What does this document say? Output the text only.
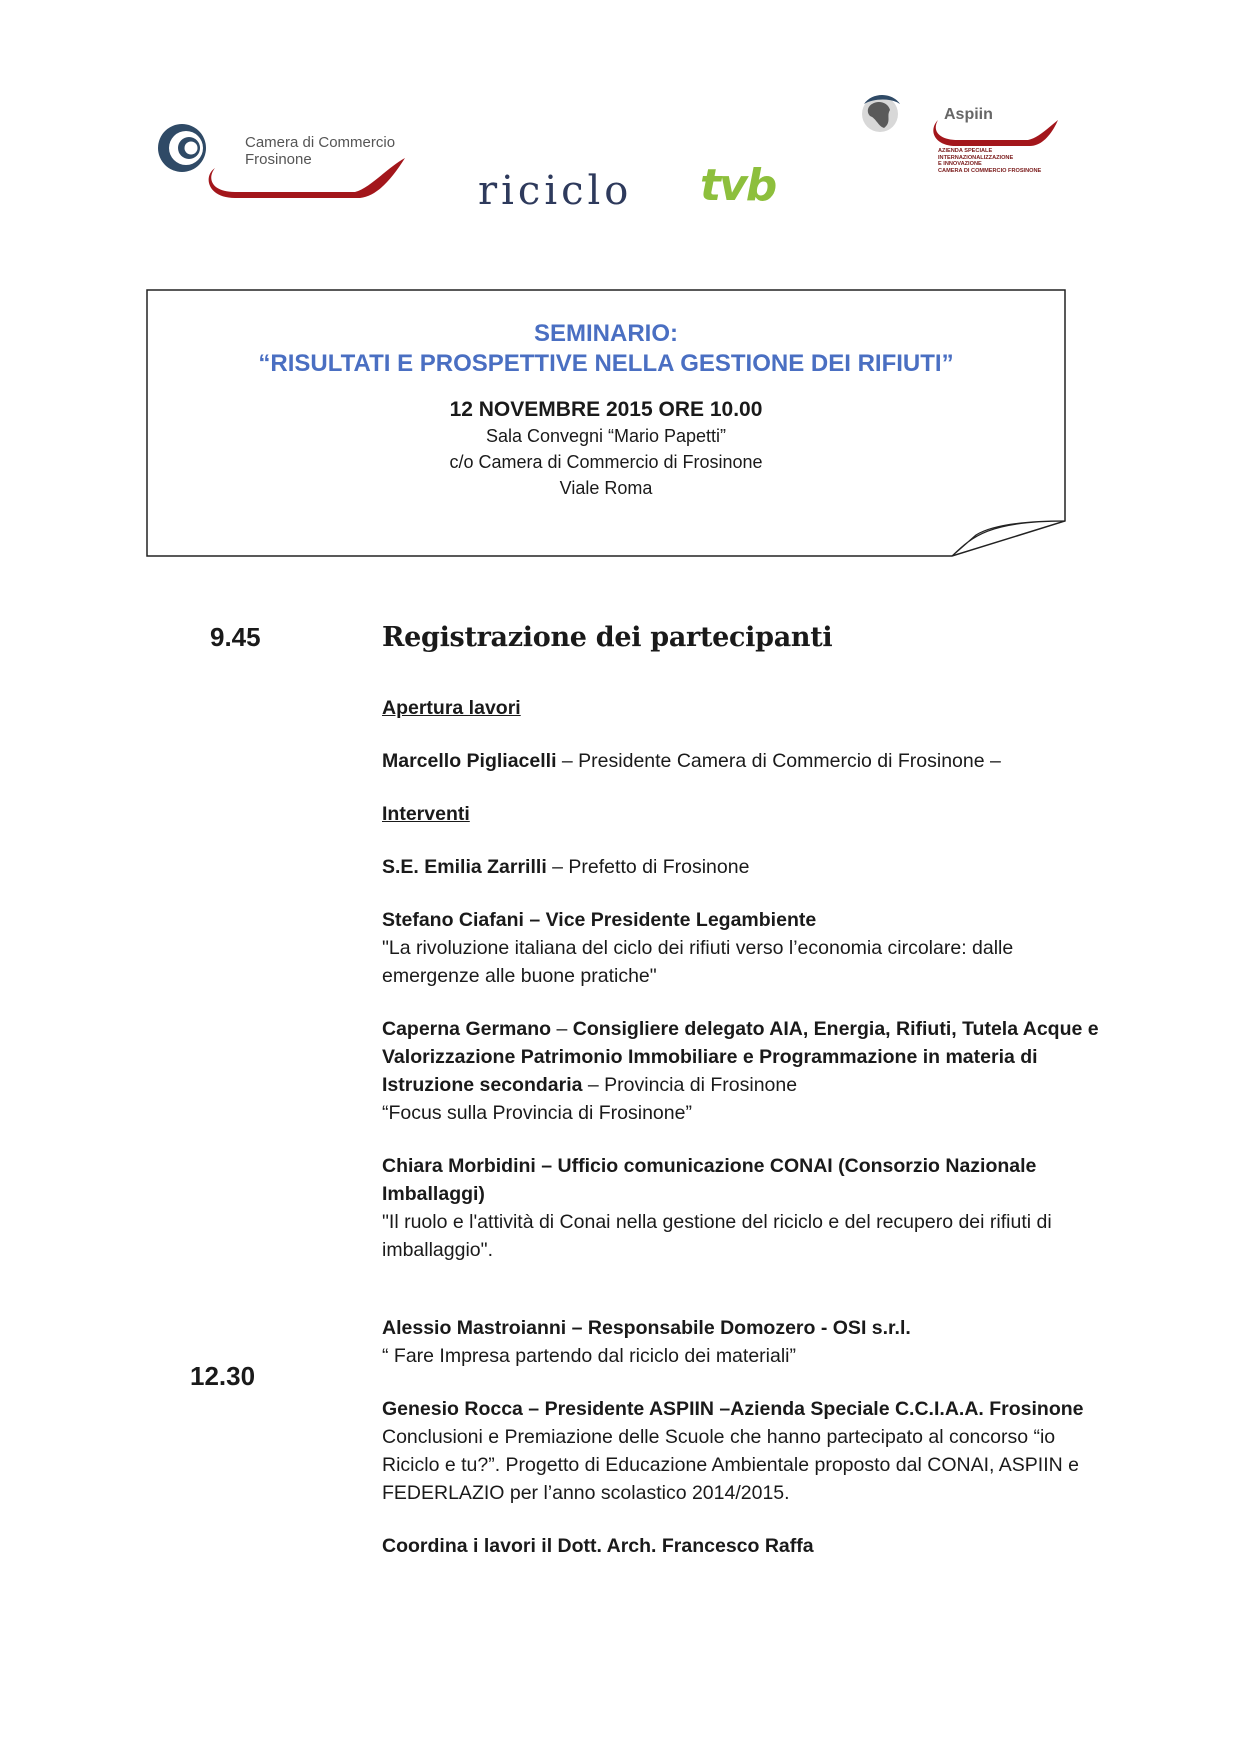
Camera di Commercio
Frosinone
riciclo tvb
Aspiin
AZIENDA SPECIALE
INTERNAZIONALIZZAZIONE
E INNOVAZIONE
CAMERA DI COMMERCIO FROSINONE
SEMINARIO:
“RISULTATI E PROSPETTIVE NELLA GESTIONE DEI RIFIUTI”
12 NOVEMBRE 2015 ORE 10.00
Sala Convegni “Mario Papetti”
c/o Camera di Commercio di Frosinone
Viale Roma
9.45
12.30
Registrazione dei partecipanti
Apertura lavori
Marcello Pigliacelli – Presidente Camera di Commercio di Frosinone –
Interventi
S.E. Emilia Zarrilli – Prefetto di Frosinone
Stefano Ciafani – Vice Presidente Legambiente
"La rivoluzione italiana del ciclo dei rifiuti verso l’economia circolare: dalle emergenze alle buone pratiche"
Caperna Germano – Consigliere delegato AIA, Energia, Rifiuti, Tutela Acque e Valorizzazione Patrimonio Immobiliare e Programmazione in materia di Istruzione secondaria – Provincia di Frosinone
“Focus sulla Provincia di Frosinone”
Chiara Morbidini – Ufficio comunicazione CONAI (Consorzio Nazionale Imballaggi)
"Il ruolo e l'attività di Conai nella gestione del riciclo e del recupero dei rifiuti di imballaggio".
Alessio Mastroianni – Responsabile Domozero - OSI s.r.l.
“ Fare Impresa partendo dal riciclo dei materiali”
Genesio Rocca – Presidente ASPIIN –Azienda Speciale C.C.I.A.A. Frosinone
Conclusioni e Premiazione delle Scuole che hanno partecipato al concorso “io Riciclo e tu?”. Progetto di Educazione Ambientale proposto dal CONAI, ASPIIN e FEDERLAZIO per l’anno scolastico 2014/2015.
Coordina i lavori il Dott. Arch. Francesco Raffa
